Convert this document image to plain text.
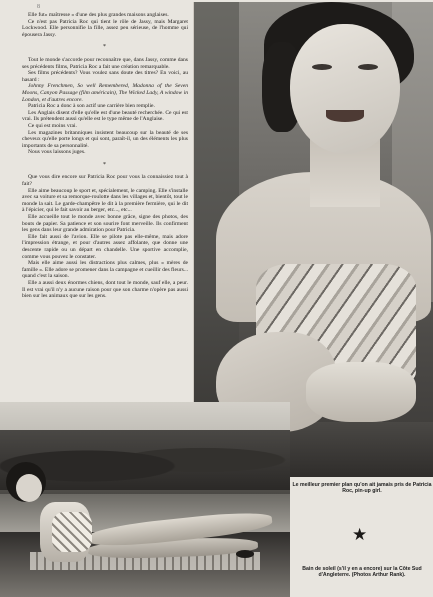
8

Elle fut« maîtresse » d'une des plus grandes maisons anglaises.

Ce n'est pas Patricia Roc qui tient le rôle de Jassy, mais Margaret Lockwood. Elle personnifie la fille, assez peu sérieuse, de l'homme qui épousera Jassy.

*

Tout le monde s'accorde pour reconnaître que, dans Jassy, comme dans ses précédents films, Patricia Roc a fait une création remarquable.

Ses films précédents? Vous voulez sans doute des titres? En voici, au hasard :

Johnny Frenchmen, So well Remembered, Madonna of the Seven Moons, Canyon Passage (film américain), The Wicked Lady, A window in London, et d'autres encore.

Patricia Roc a donc à son actif une carrière bien remplie.

Les Anglais disent d'elle qu'elle est d'une beauté recherchée. Ce qui est vrai. Ils prétendent aussi qu'elle est le type même de l'Anglaise.

Ce qui est moins vrai.

Les magazines britanniques insistent beaucoup sur la beauté de ses cheveux qu'elle porte longs et qui sont, paraît-il, un des éléments les plus importants de sa personnalité.

Nous vous laissons juges.

*

Que vous dire encore sur Patricia Roc pour vous la connaissiez tout à fait?

Elle aime beaucoup le sport et, spécialement, le camping. Elle s'installe avec sa voiture et sa remorque-roulotte dans les villages et, bientôt, tout le monde la sait. Le garde-champêtre le dit à la première fermière, qui le dit à l'épicier, qui le fait savoir au berger, etc..., etc...

Elle accueille tout le monde avec bonne grâce, signe des photos, des bouts de papier. Sa patience et son sourire font merveille. Ils confirment les gens dans leur grande admiration pour Patricia.

Elle fait aussi de l'avion. Elle se pilote pas elle-même, mais adore l'impression étrange, et pour d'autres assez affolante, que donne une descente rapide ou un départ en chandelle. Une sportive accomplie, comme vous pouvez le constater.

Mais elle aime aussi les distractions plus calmes, plus « mères de famille ». Elle adore se promener dans la campagne et cueillir des fleurs... quand c'est la saison.

Elle a aussi deux énormes chiens, dont tout le monde, sauf elle, a peur. Il est vrai qu'il n'y a aucune raison pour que son charme n'opère pas aussi bien sur les animaux que sur les gens.

Le meilleur premier plan qu'on ait jamais pris de Patricia Roc, pin-up girl.
★
Bain de soleil (s'il y en a encore) sur la Côte Sud d'Angleterre. (Photos Arthur Rank).
